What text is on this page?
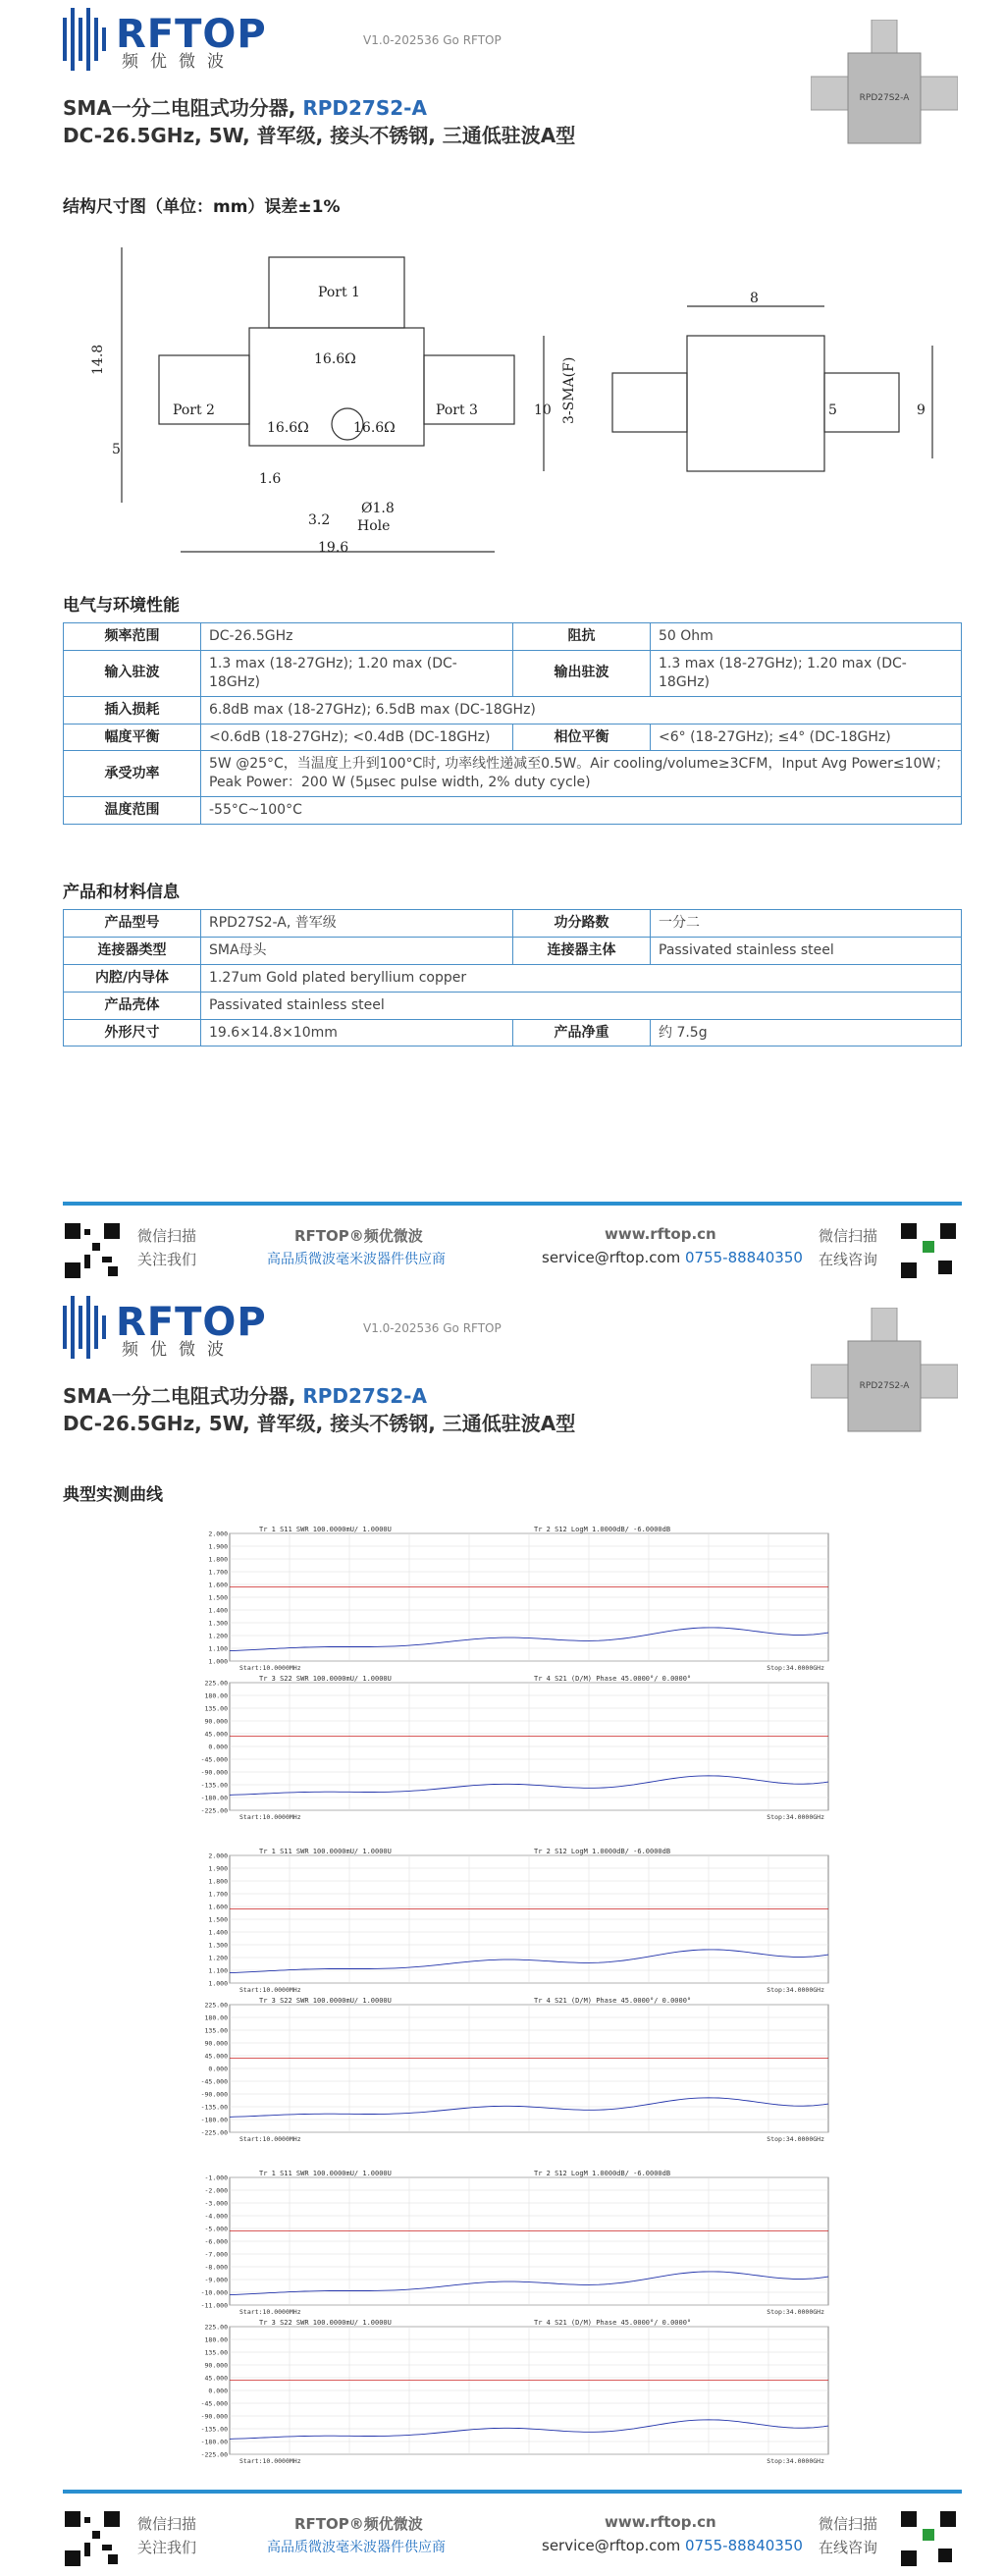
RFTOP
频优微波
V1.0-202536 Go RFTOP
SMA一分二电阻式功分器, RPD27S2-A
DC-26.5GHz, 5W, 普军级, 接头不锈钢, 三通低驻波A型
RPD27S2-A
结构尺寸图（单位：mm）误差±1%
Port 1
Port 2	Port 3
16.6Ω
16.6Ω	16.6Ω
14.8
5
1.6
3.2
19.6
Ø1.8
Hole
8
10	9
5
3-SMA(F)
电气与环境性能
频率范围	DC-26.5GHz	阻抗	50 Ohm
输入驻波	1.3 max (18-27GHz); 1.20 max (DC-18GHz)	输出驻波	1.3 max (18-27GHz); 1.20 max (DC-18GHz)
插入损耗	6.8dB max (18-27GHz); 6.5dB max (DC-18GHz)		
幅度平衡	<0.6dB (18-27GHz); <0.4dB (DC-18GHz)	相位平衡	<6° (18-27GHz); ≤4° (DC-18GHz)
承受功率	5W @25°C，当温度上升到100°C时, 功率线性递减至0.5W。Air cooling/volume≥3CFM，Input Avg Power≤10W；Peak Power：200 W (5μsec pulse width, 2% duty cycle)		
温度范围	-55°C~100°C		
产品和材料信息
产品型号	RPD27S2-A, 普军级	功分路数	一分二
连接器类型	SMA母头	连接器主体	Passivated stainless steel
内腔/内导体	1.27um Gold plated beryllium copper		
产品壳体	Passivated stainless steel		
外形尺寸	19.6×14.8×10mm	产品净重	约 7.5g
微信扫描
关注我们
RFTOP®频优微波
高品质微波毫米波器件供应商
www.rftop.cn
service@rftop.com 0755-88840350
微信扫描
在线咨询
RFTOP
频优微波
V1.0-202536 Go RFTOP
SMA一分二电阻式功分器, RPD27S2-A
DC-26.5GHz, 5W, 普军级, 接头不锈钢, 三通低驻波A型
RPD27S2-A
典型实测曲线
Tr 1 S11 SWR 100.0000mU/ 1.0000U	Tr 2 S12 LogM 1.0000dB/ -6.0000dB
2.000
1.900
1.800
1.700
1.600
1.500
1.400
1.300
1.200
1.100
1.000
Start:10.0000MHz	Stop:34.0000GHz
Tr 3 S22 SWR 100.0000mU/ 1.0000U	Tr 4 S21 (D/M) Phase 45.0000°/ 0.0000°
225.00
180.00
135.00
90.000
45.000
0.000
-45.000
-90.000
-135.00
-180.00
-225.00
Start:10.0000MHz	Stop:34.0000GHz
Tr 1 S11 SWR 100.0000mU/ 1.0000U	Tr 2 S12 LogM 1.0000dB/ -6.0000dB
2.000
1.900
1.800
1.700
1.600
1.500
1.400
1.300
1.200
1.100
1.000
Start:10.0000MHz	Stop:34.0000GHz
Tr 3 S22 SWR 100.0000mU/ 1.0000U	Tr 4 S21 (D/M) Phase 45.0000°/ 0.0000°
225.00
180.00
135.00
90.000
45.000
0.000
-45.000
-90.000
-135.00
-180.00
-225.00
Start:10.0000MHz	Stop:34.0000GHz
Tr 1 S11 SWR 100.0000mU/ 1.0000U	Tr 2 S12 LogM 1.0000dB/ -6.0000dB
-1.000
-2.000
-3.000
-4.000
-5.000
-6.000
-7.000
-8.000
-9.000
-10.000
-11.000
Start:10.0000MHz	Stop:34.0000GHz
Tr 3 S22 SWR 100.0000mU/ 1.0000U	Tr 4 S21 (D/M) Phase 45.0000°/ 0.0000°
225.00
180.00
135.00
90.000
45.000
0.000
-45.000
-90.000
-135.00
-180.00
-225.00
Start:10.0000MHz	Stop:34.0000GHz
微信扫描
关注我们
RFTOP®频优微波
高品质微波毫米波器件供应商
www.rftop.cn
service@rftop.com 0755-88840350
微信扫描
在线咨询
